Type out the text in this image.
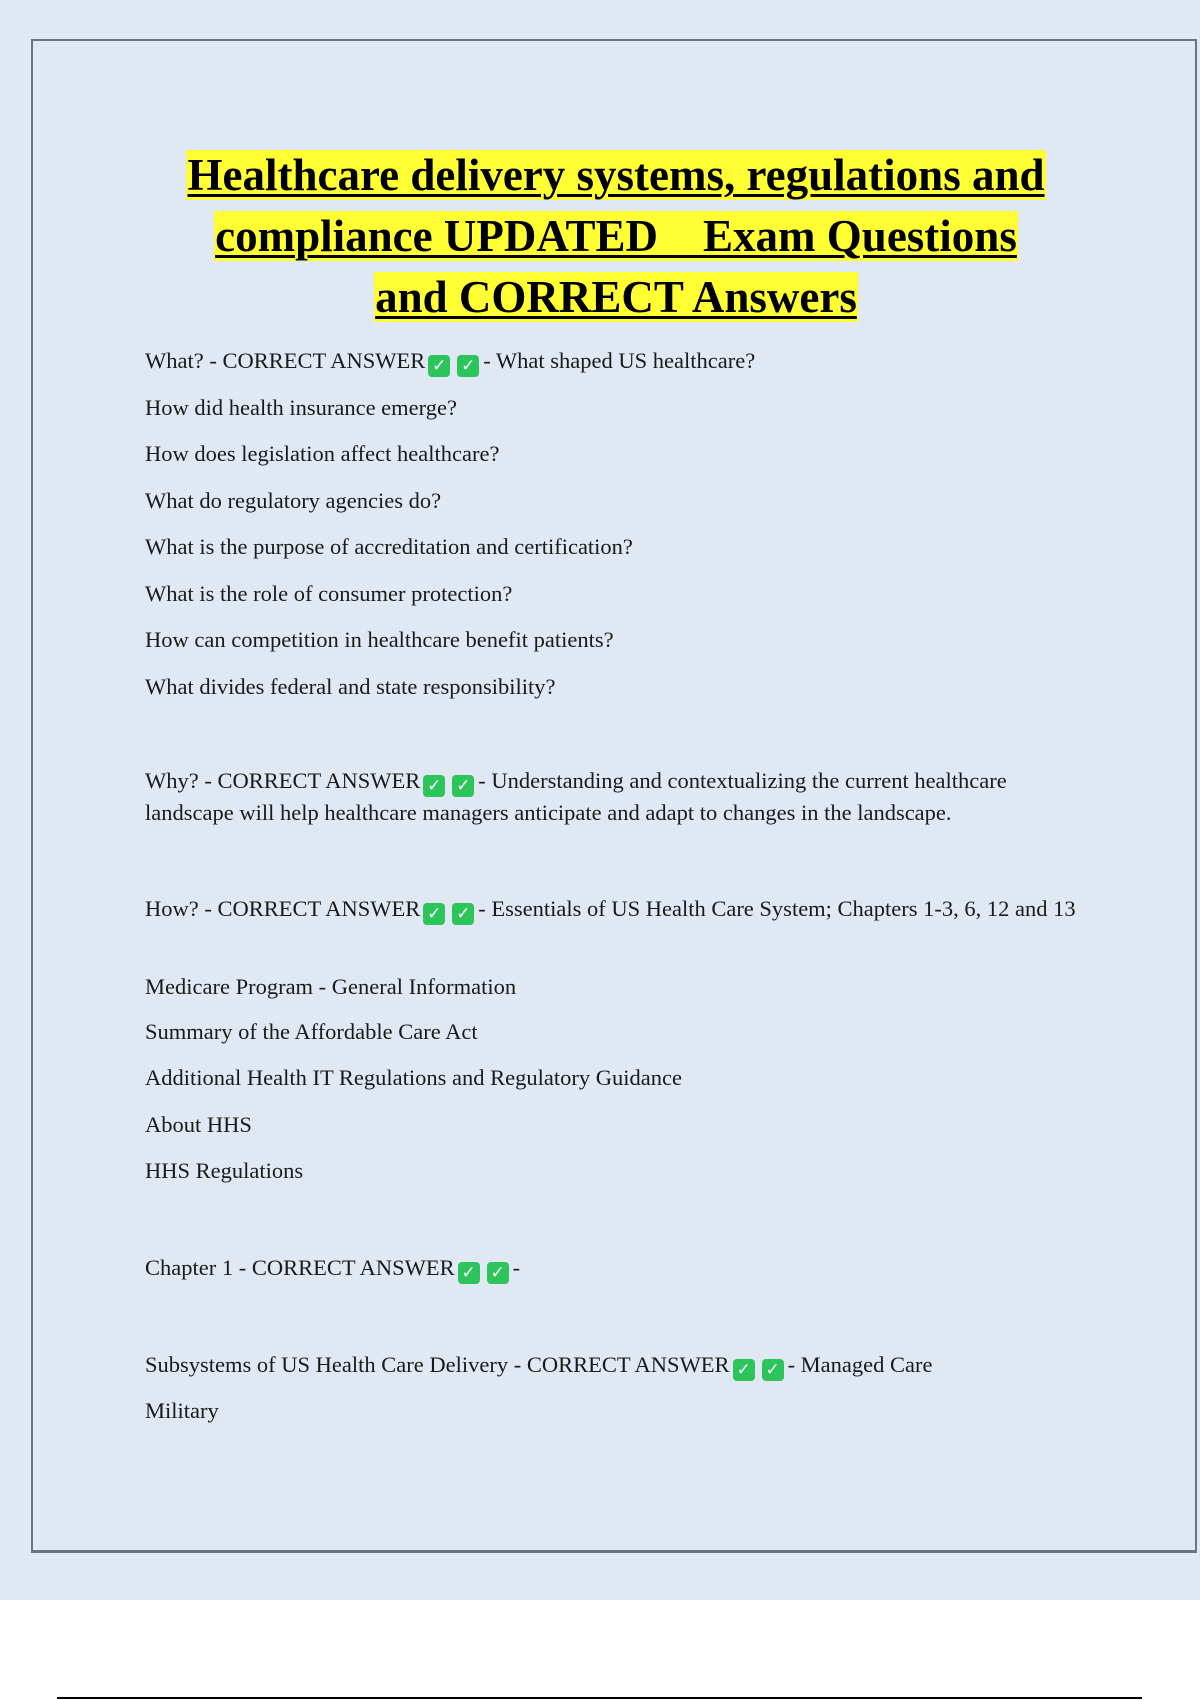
Healthcare delivery systems, regulations and
compliance UPDATED    Exam Questions
and CORRECT Answers
What? - CORRECT ANSWER ✓ ✓ - What shaped US healthcare?
How did health insurance emerge?
How does legislation affect healthcare?
What do regulatory agencies do?
What is the purpose of accreditation and certification?
What is the role of consumer protection?
How can competition in healthcare benefit patients?
What divides federal and state responsibility?
Why? - CORRECT ANSWER ✓ ✓ - Understanding and contextualizing the current healthcare landscape will help healthcare managers anticipate and adapt to changes in the landscape.
How? - CORRECT ANSWER ✓ ✓ - Essentials of US Health Care System; Chapters 1-3, 6, 12 and 13
Medicare Program - General Information
Summary of the Affordable Care Act
Additional Health IT Regulations and Regulatory Guidance
About HHS
HHS Regulations
Chapter 1 - CORRECT ANSWER ✓ ✓ -
Subsystems of US Health Care Delivery - CORRECT ANSWER ✓ ✓ - Managed Care
Military
